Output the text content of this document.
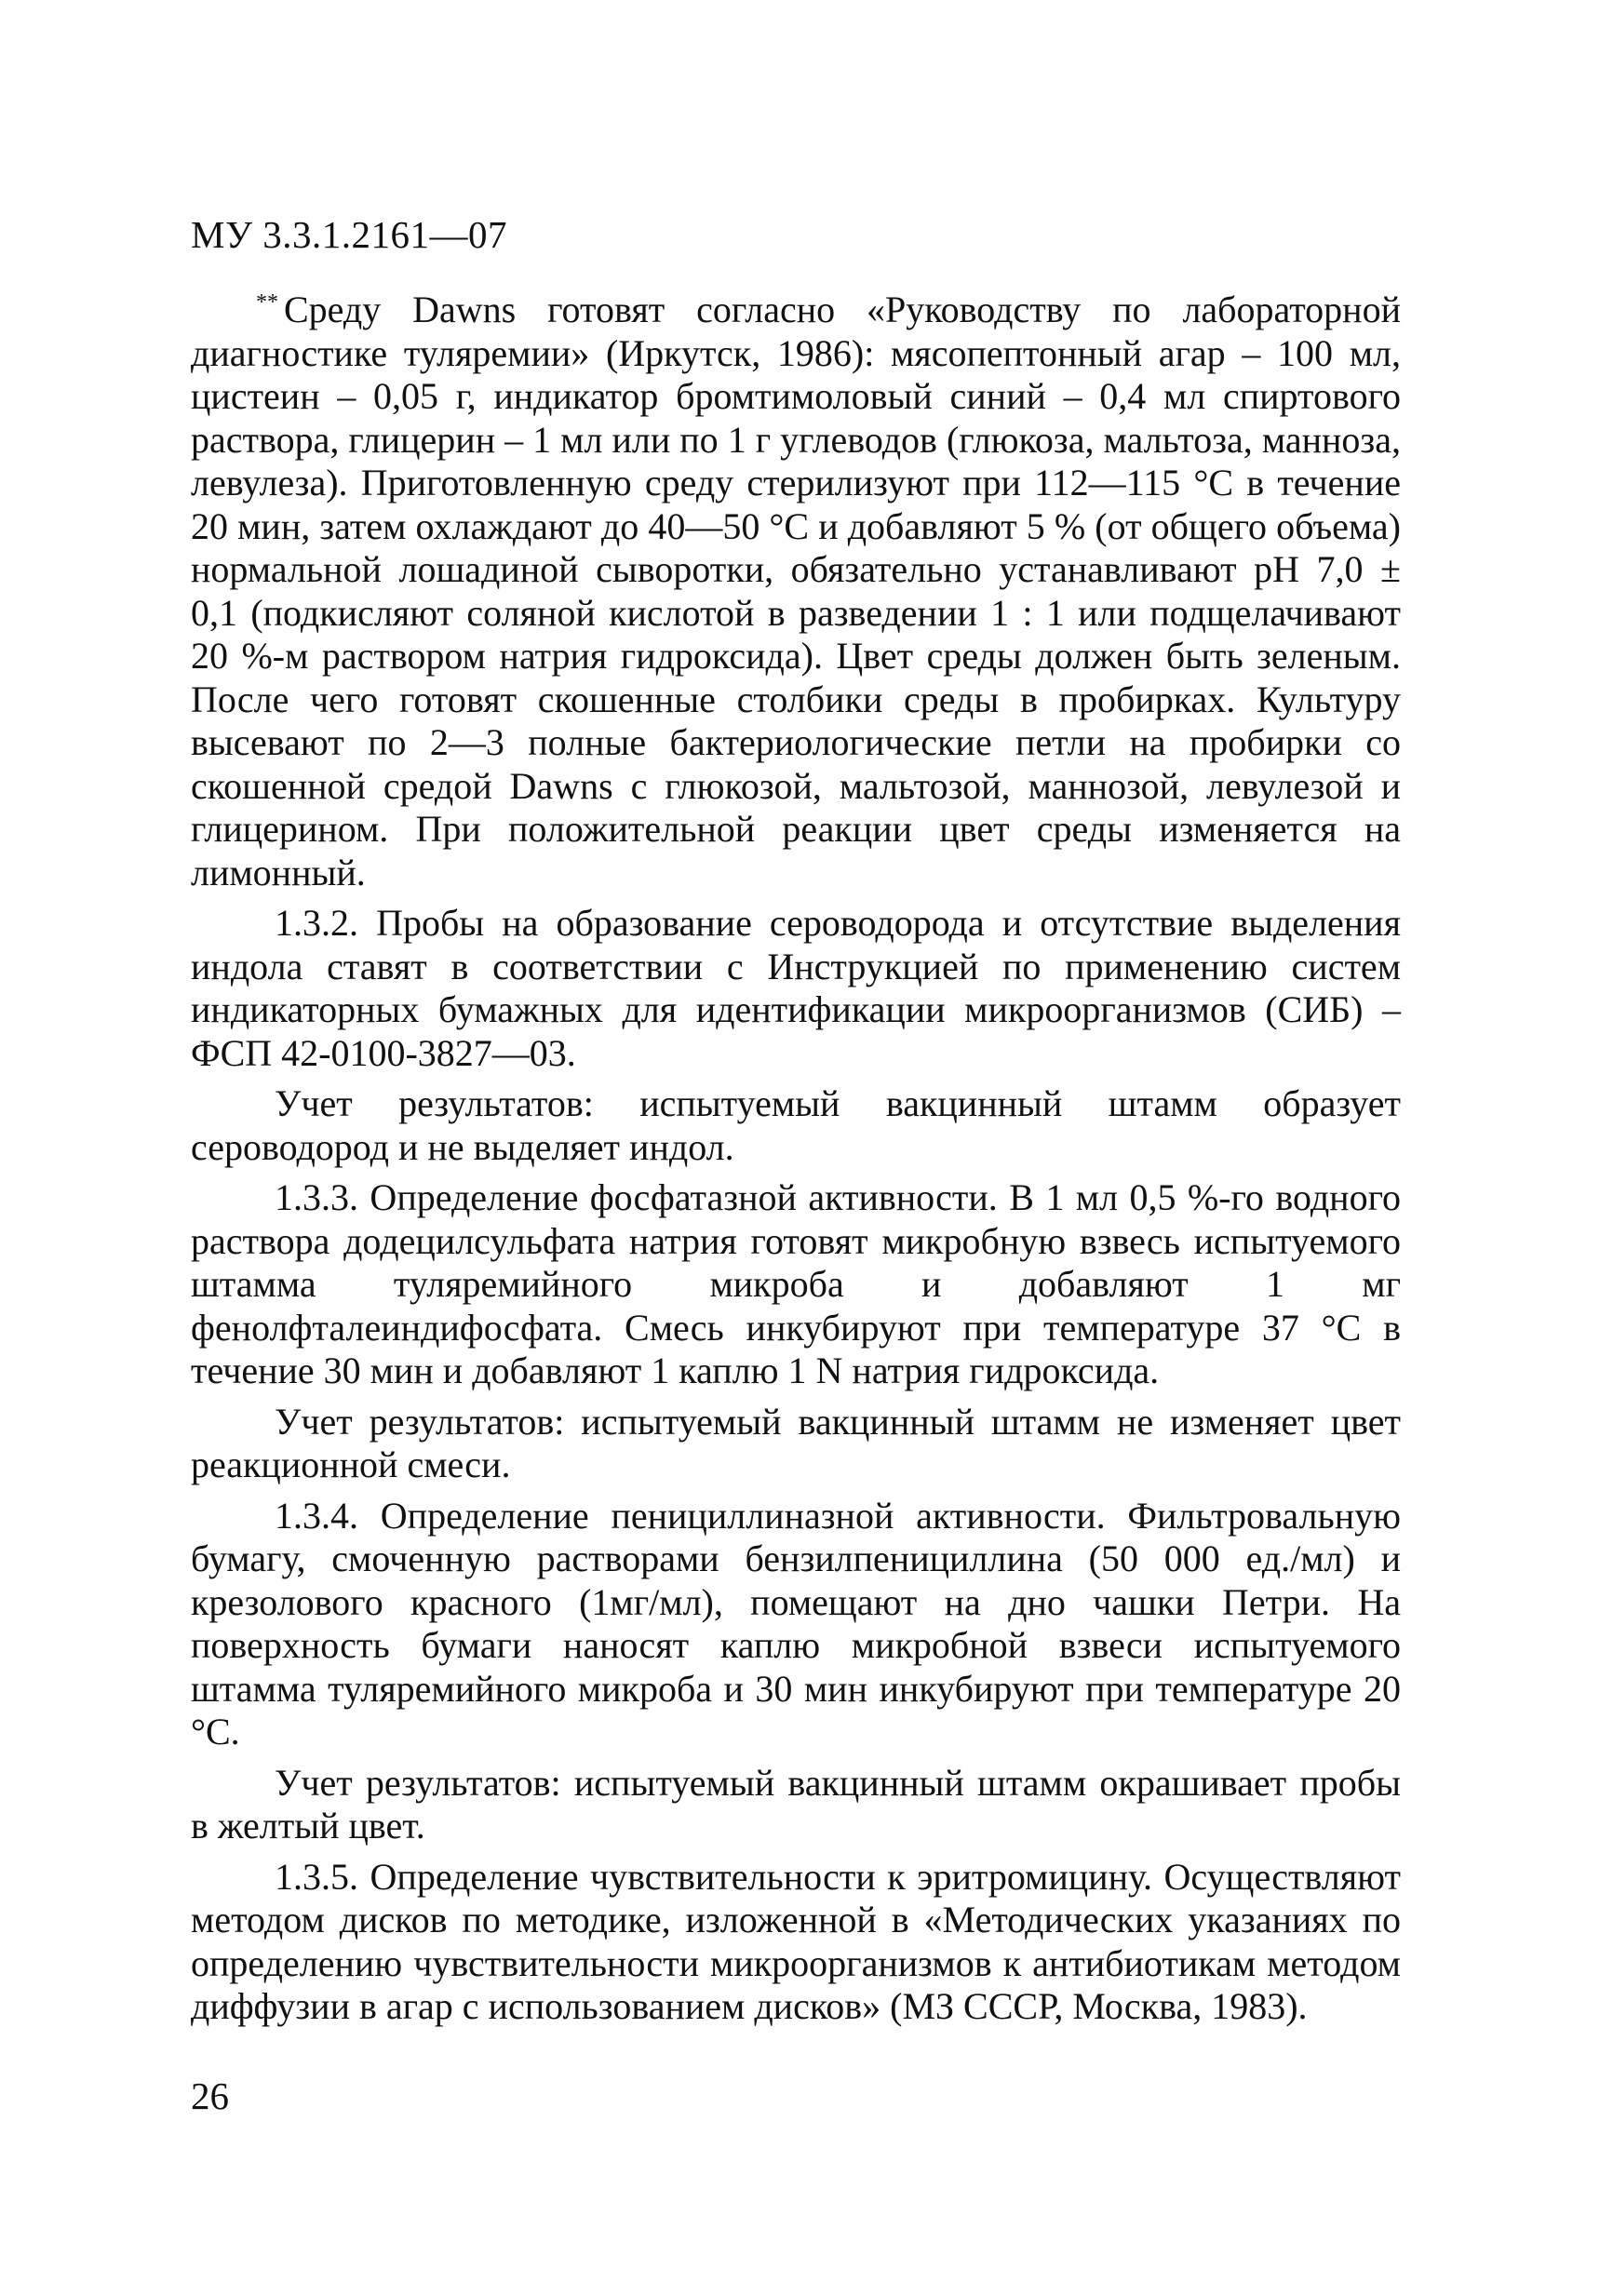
МУ 3.3.1.2161—07

** Среду Dawns готовят согласно «Руководству по лабораторной диагностике туляремии» (Иркутск, 1986): мясопептонный агар – 100 мл, цистеин – 0,05 г, индикатор бромтимоловый синий – 0,4 мл спиртового раствора, глицерин – 1 мл или по 1 г углеводов (глюкоза, мальтоза, манноза, левулеза). Приготовленную среду стерилизуют при 112—115 °С в течение 20 мин, затем охлаждают до 40—50 °С и добавляют 5 % (от общего объема) нормальной лошадиной сыворотки, обязательно устанавливают pH 7,0 ± 0,1 (подкисляют соляной кислотой в разведении 1 : 1 или подщелачивают 20 %-м раствором натрия гидроксида). Цвет среды должен быть зеленым. После чего готовят скошенные столбики среды в пробирках. Культуру высевают по 2—3 полные бактериологические петли на пробирки со скошенной средой Dawns с глюкозой, мальтозой, маннозой, левулезой и глицерином. При положительной реакции цвет среды изменяется на лимонный.

1.3.2. Пробы на образование сероводорода и отсутствие выделения индола ставят в соответствии с Инструкцией по применению систем индикаторных бумажных для идентификации микроорганизмов (СИБ) – ФСП 42-0100-3827—03.

Учет результатов: испытуемый вакцинный штамм образует сероводород и не выделяет индол.

1.3.3. Определение фосфатазной активности. В 1 мл 0,5 %-го водного раствора додецилсульфата натрия готовят микробную взвесь испытуемого штамма туляремийного микроба и добавляют 1 мг фенолфталеиндифосфата. Смесь инкубируют при температуре 37 °С в течение 30 мин и добавляют 1 каплю 1 N натрия гидроксида.

Учет результатов: испытуемый вакцинный штамм не изменяет цвет реакционной смеси.

1.3.4. Определение пенициллиназной активности. Фильтровальную бумагу, смоченную растворами бензилпенициллина (50 000 ед./мл) и крезолового красного (1мг/мл), помещают на дно чашки Петри. На поверхность бумаги наносят каплю микробной взвеси испытуемого штамма туляремийного микроба и 30 мин инкубируют при температуре 20 °С.

Учет результатов: испытуемый вакцинный штамм окрашивает пробы в желтый цвет.

1.3.5. Определение чувствительности к эритромицину. Осуществляют методом дисков по методике, изложенной в «Методических указаниях по определению чувствительности микроорганизмов к антибиотикам методом диффузии в агар с использованием дисков» (МЗ СССР, Москва, 1983).

26
